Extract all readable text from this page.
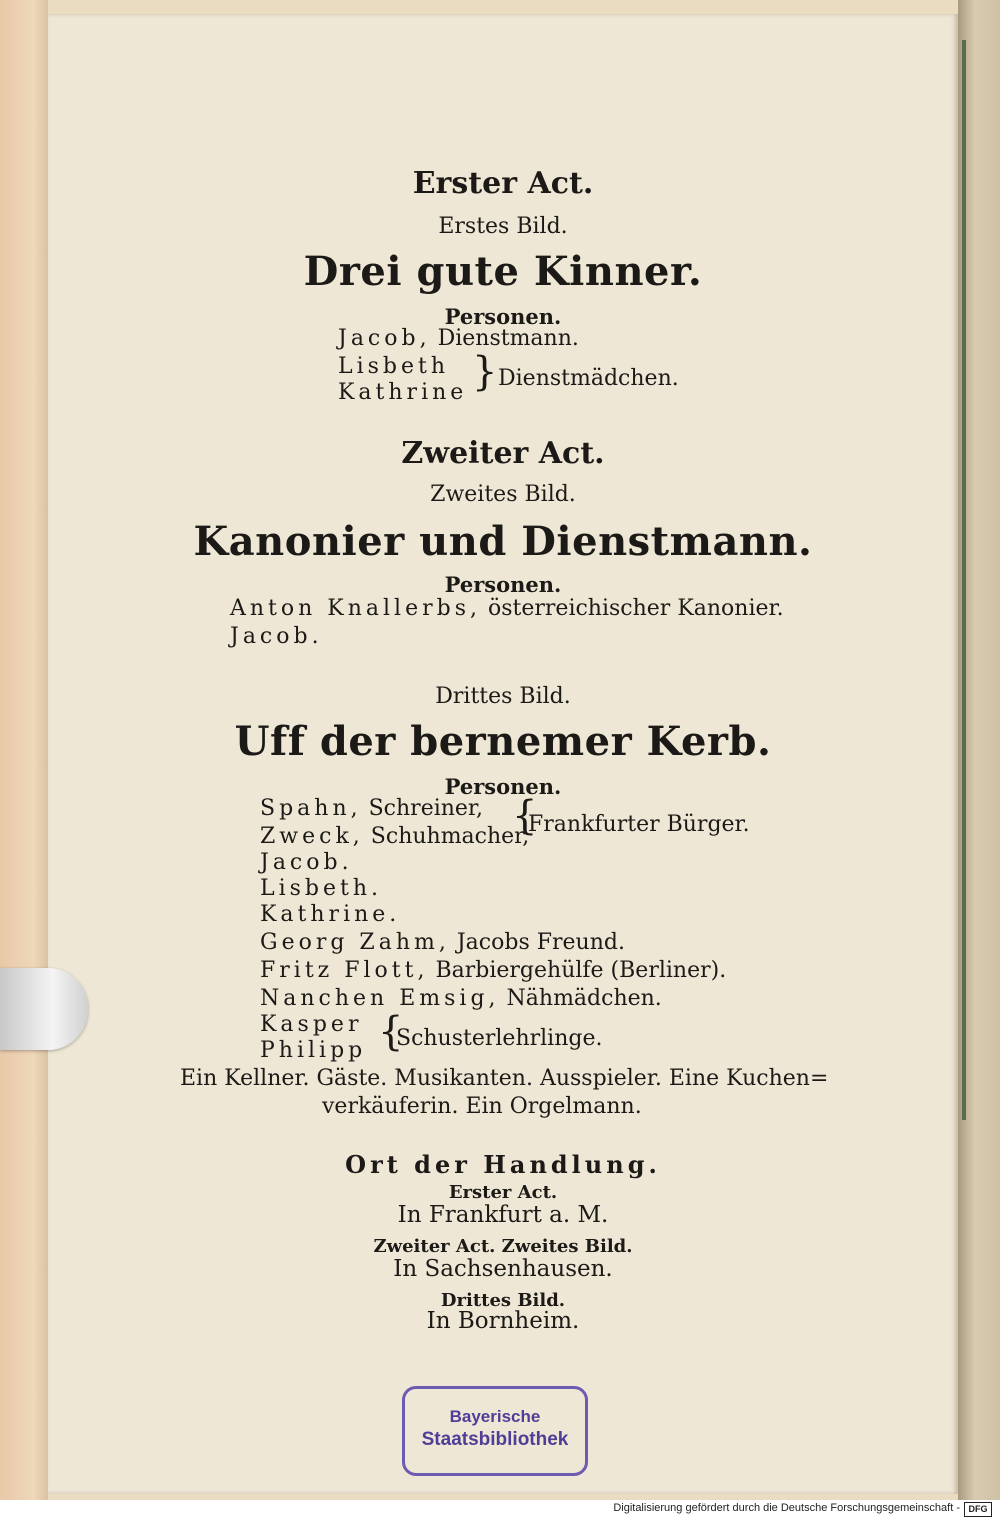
Erster Act.
Erstes Bild.
Drei gute Kinner.
Personen.
Jacob, Dienstmann.
Lisbeth
Kathrine } Dienstmädchen.
Zweiter Act.
Zweites Bild.
Kanonier und Dienstmann.
Personen.
Anton Knallerbs, österreichischer Kanonier.
Jacob.
Drittes Bild.
Uff der bernemer Kerb.
Personen.
Spahn, Schreiner,
Zweck, Schuhmacher,
{
Frankfurter Bürger.
Jacob.
Lisbeth.
Kathrine.
Georg Zahm, Jacobs Freund.
Fritz Flott, Barbiergehülfe (Berliner).
Nanchen Emsig, Nähmädchen.
Kasper
Philipp {
Schusterlehrlinge.
Ein Kellner. Gäste. Musikanten. Ausspieler. Eine Kuchen=
verkäuferin. Ein Orgelmann.
Ort der Handlung.
Erster Act.
In Frankfurt a. M.
Zweiter Act. Zweites Bild.
In Sachsenhausen.
Drittes Bild.
In Bornheim.
Bayerische
Staatsbibliothek
Digitalisierung gefördert durch die Deutsche Forschungsgemeinschaft - DFG
